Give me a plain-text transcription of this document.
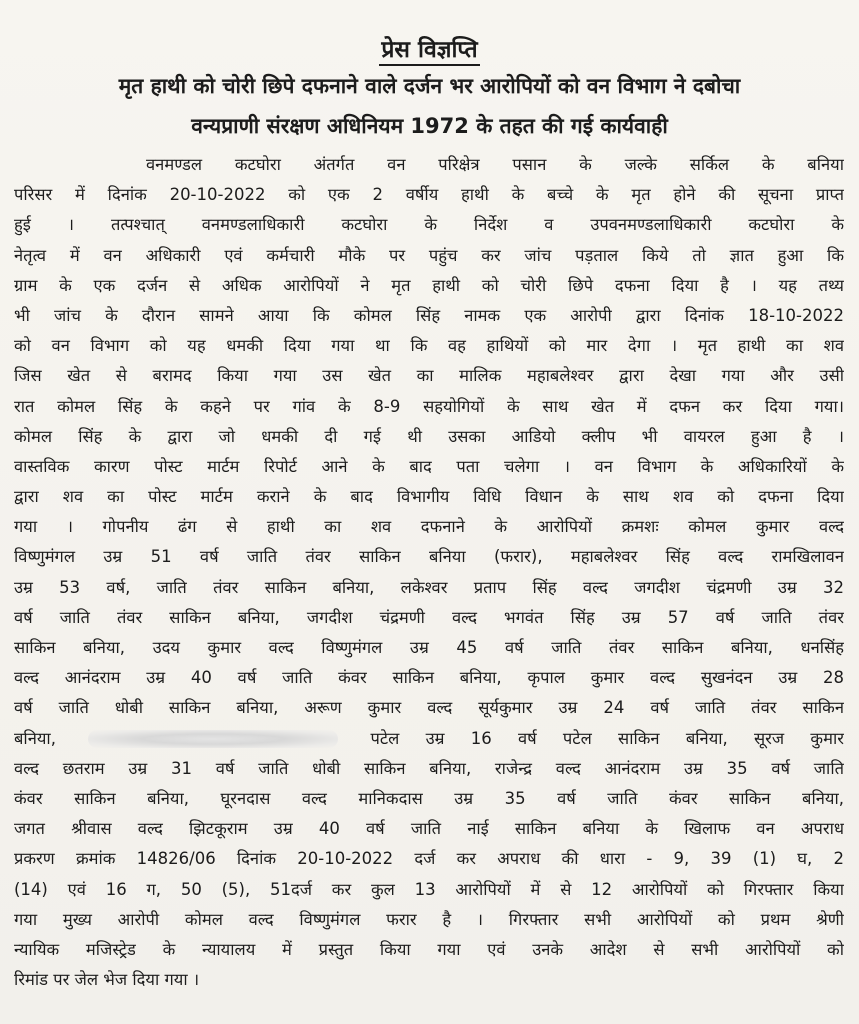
प्रेस विज्ञप्ति
मृत हाथी को चोरी छिपे दफनाने वाले दर्जन भर आरोपियों को वन विभाग ने दबोचा
वन्यप्राणी संरक्षण अधिनियम 1972 के तहत की गई कार्यवाही
वनमण्डल कटघोरा अंतर्गत वन परिक्षेत्र पसान के जल्के सर्किल के बनिया
परिसर में दिनांक 20-10-2022 को एक 2 वर्षीय हाथी के बच्चे के मृत होने की सूचना प्राप्त
हुई । तत्पश्चात् वनमण्डलाधिकारी कटघोरा के निर्देश व उपवनमण्डलाधिकारी कटघोरा के
नेतृत्व में वन अधिकारी एवं कर्मचारी मौके पर पहुंच कर जांच पड़ताल किये तो ज्ञात हुआ कि
ग्राम के एक दर्जन से अधिक आरोपियों ने मृत हाथी को चोरी छिपे दफना दिया है । यह तथ्य
भी जांच के दौरान सामने आया कि कोमल सिंह नामक एक आरोपी द्वारा दिनांक 18-10-2022
को वन विभाग को यह धमकी दिया गया था कि वह हाथियों को मार देगा । मृत हाथी का शव
जिस खेत से बरामद किया गया उस खेत का मालिक महाबलेश्वर द्वारा देखा गया और उसी
रात कोमल सिंह के कहने पर गांव के 8-9 सहयोगियों के साथ खेत में दफन कर दिया गया।
कोमल सिंह के द्वारा जो धमकी दी गई थी उसका आडियो क्लीप भी वायरल हुआ है ।
वास्तविक कारण पोस्ट मार्टम रिपोर्ट आने के बाद पता चलेगा । वन विभाग के अधिकारियों के
द्वारा शव का पोस्ट मार्टम कराने के बाद विभागीय विधि विधान के साथ शव को दफना दिया
गया । गोपनीय ढंग से हाथी का शव दफनाने के आरोपियों क्रमशः कोमल कुमार वल्द
विष्णुमंगल उम्र 51 वर्ष जाति तंवर साकिन बनिया (फरार), महाबलेश्वर सिंह वल्द रामखिलावन
उम्र 53 वर्ष, जाति तंवर साकिन बनिया, लकेश्वर प्रताप सिंह वल्द जगदीश चंद्रमणी उम्र 32
वर्ष जाति तंवर साकिन बनिया, जगदीश चंद्रमणी वल्द भगवंत सिंह उम्र 57 वर्ष जाति तंवर
साकिन बनिया, उदय कुमार वल्द विष्णुमंगल उम्र 45 वर्ष जाति तंवर साकिन बनिया, धनसिंह
वल्द आनंदराम उम्र 40 वर्ष जाति कंवर साकिन बनिया, कृपाल कुमार वल्द सुखनंदन उम्र 28
वर्ष जाति धोबी साकिन बनिया, अरूण कुमार वल्द सूर्यकुमार उम्र 24 वर्ष जाति तंवर साकिन
बनिया,	पटेल उम्र 16 वर्ष पटेल साकिन बनिया, सूरज कुमार
वल्द छतराम उम्र 31 वर्ष जाति धोबी साकिन बनिया, राजेन्द्र वल्द आनंदराम उम्र 35 वर्ष जाति
कंवर साकिन बनिया, घूरनदास वल्द मानिकदास उम्र 35 वर्ष जाति कंवर साकिन बनिया,
जगत श्रीवास वल्द झिटकूराम उम्र 40 वर्ष जाति नाई साकिन बनिया के खिलाफ वन अपराध
प्रकरण क्रमांक 14826/06 दिनांक 20-10-2022 दर्ज कर अपराध की धारा - 9, 39 (1) घ, 2
(14) एवं 16 ग, 50 (5), 51दर्ज कर कुल 13 आरोपियों में से 12 आरोपियों को गिरफ्तार किया
गया मुख्य आरोपी कोमल वल्द विष्णुमंगल फरार है । गिरफ्तार सभी आरोपियों को प्रथम श्रेणी
न्यायिक मजिस्ट्रेड के न्यायालय में प्रस्तुत किया गया एवं उनके आदेश से सभी आरोपियों को
रिमांड पर जेल भेज दिया गया ।
